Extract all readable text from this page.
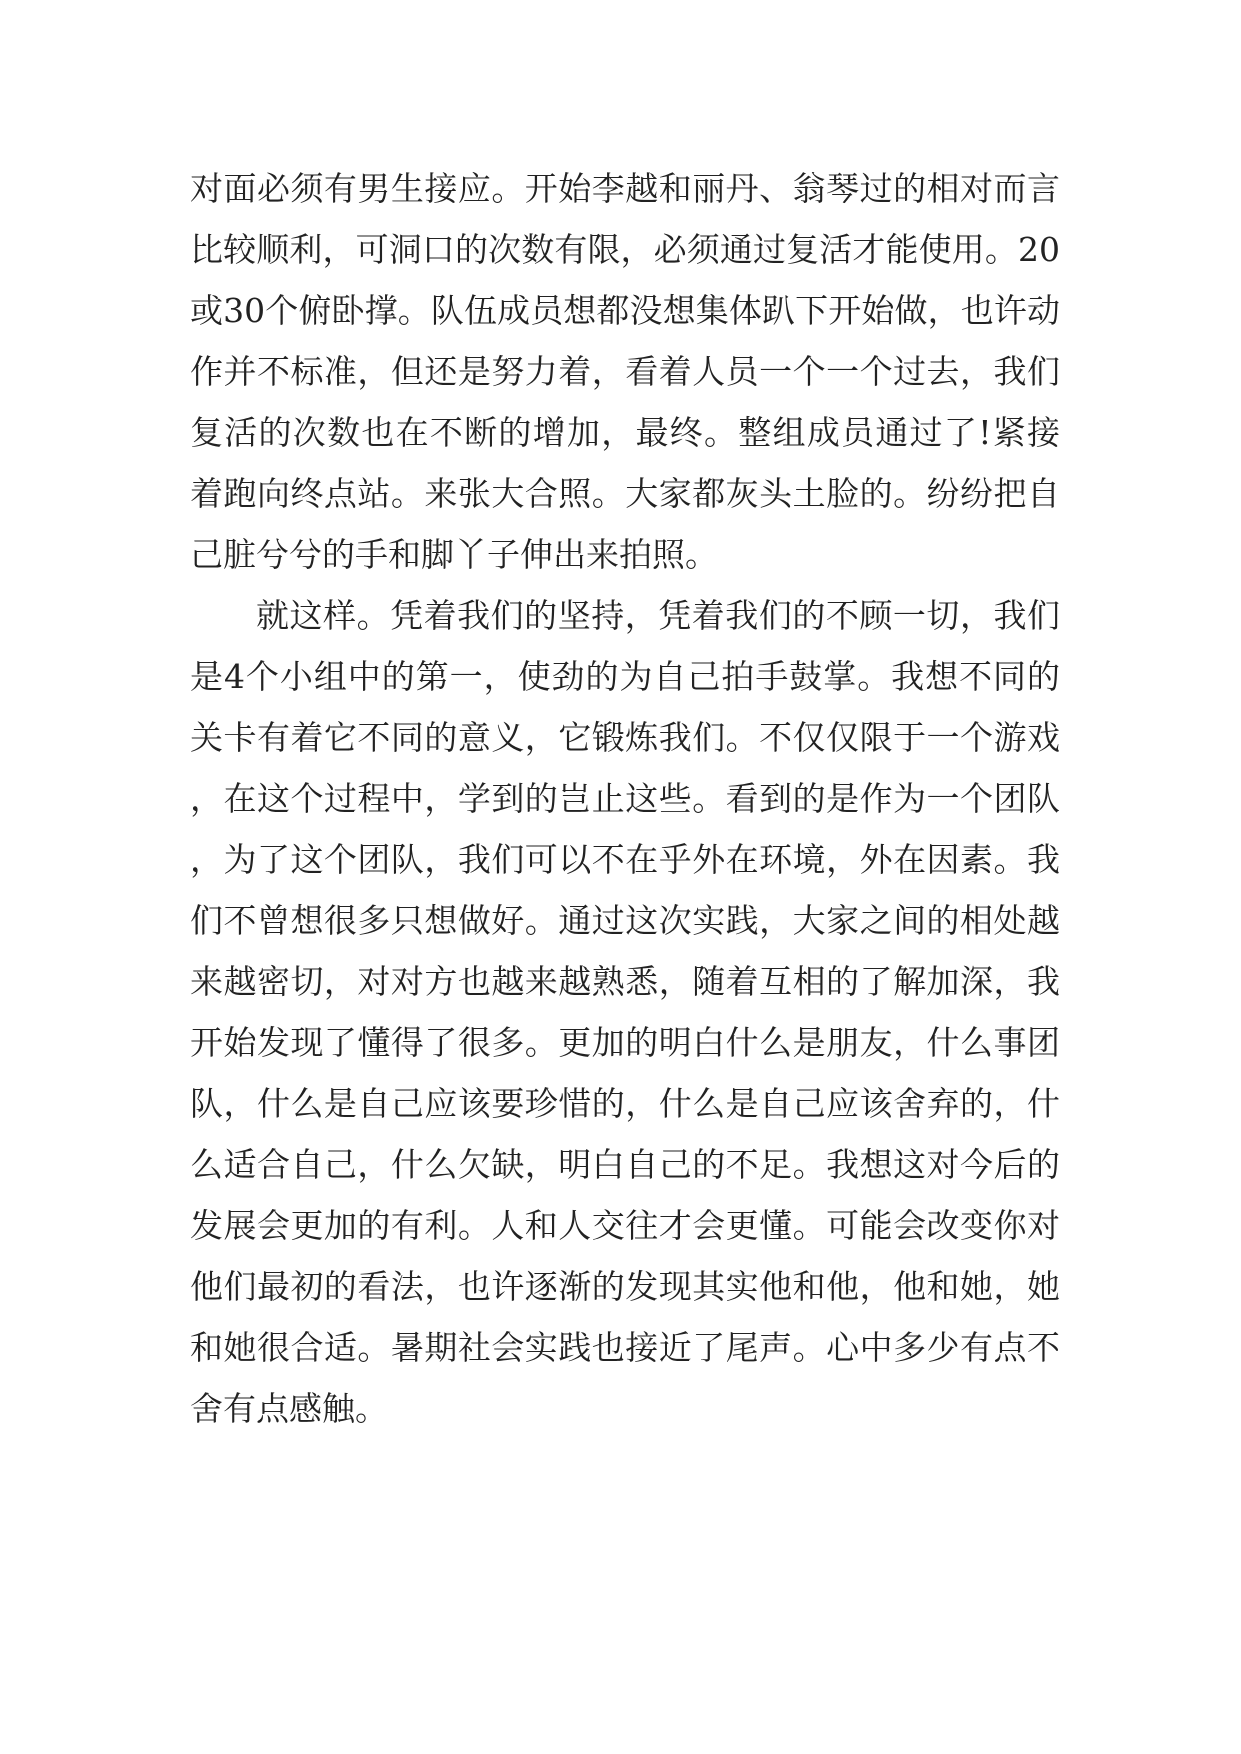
对面必须有男生接应。开始李越和丽丹、翁琴过的相对而言比较顺利，可洞口的次数有限，必须通过复活才能使用。20或30个俯卧撑。队伍成员想都没想集体趴下开始做，也许动作并不标准，但还是努力着，看着人员一个一个过去，我们复活的次数也在不断的增加，最终。整组成员通过了!紧接着跑向终点站。来张大合照。大家都灰头土脸的。纷纷把自己脏兮兮的手和脚丫子伸出来拍照。

就这样。凭着我们的坚持，凭着我们的不顾一切，我们是4个小组中的第一，使劲的为自己拍手鼓掌。我想不同的关卡有着它不同的意义，它锻炼我们。不仅仅限于一个游戏，在这个过程中，学到的岂止这些。看到的是作为一个团队，为了这个团队，我们可以不在乎外在环境，外在因素。我们不曾想很多只想做好。通过这次实践，大家之间的相处越来越密切，对对方也越来越熟悉，随着互相的了解加深，我开始发现了懂得了很多。更加的明白什么是朋友，什么事团队，什么是自己应该要珍惜的，什么是自己应该舍弃的，什么适合自己，什么欠缺，明白自己的不足。我想这对今后的发展会更加的有利。人和人交往才会更懂。可能会改变你对他们最初的看法，也许逐渐的发现其实他和他，他和她，她和她很合适。暑期社会实践也接近了尾声。心中多少有点不舍有点感触。
